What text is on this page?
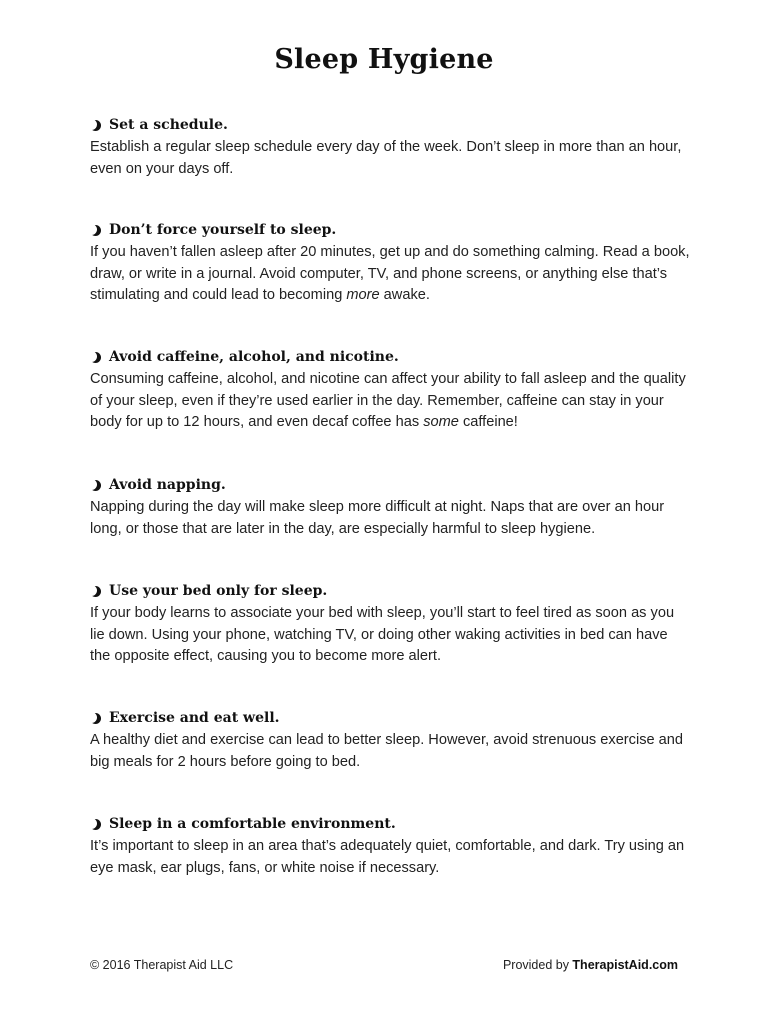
Sleep Hygiene
Set a schedule.

Establish a regular sleep schedule every day of the week. Don’t sleep in more than an hour, even on your days off.

Don’t force yourself to sleep.

If you haven’t fallen asleep after 20 minutes, get up and do something calming. Read a book, draw, or write in a journal. Avoid computer, TV, and phone screens, or anything else that’s stimulating and could lead to becoming more awake.

Avoid caffeine, alcohol, and nicotine.

Consuming caffeine, alcohol, and nicotine can affect your ability to fall asleep and the quality of your sleep, even if they’re used earlier in the day. Remember, caffeine can stay in your body for up to 12 hours, and even decaf coffee has some caffeine!

Avoid napping.

Napping during the day will make sleep more difficult at night. Naps that are over an hour long, or those that are later in the day, are especially harmful to sleep hygiene.

Use your bed only for sleep.

If your body learns to associate your bed with sleep, you’ll start to feel tired as soon as you lie down. Using your phone, watching TV, or doing other waking activities in bed can have the opposite effect, causing you to become more alert.

Exercise and eat well.

A healthy diet and exercise can lead to better sleep. However, avoid strenuous exercise and big meals for 2 hours before going to bed.

Sleep in a comfortable environment.

It’s important to sleep in an area that’s adequately quiet, comfortable, and dark. Try using an eye mask, ear plugs, fans, or white noise if necessary.

© 2016 Therapist Aid LLC	Provided by TherapistAid.com
